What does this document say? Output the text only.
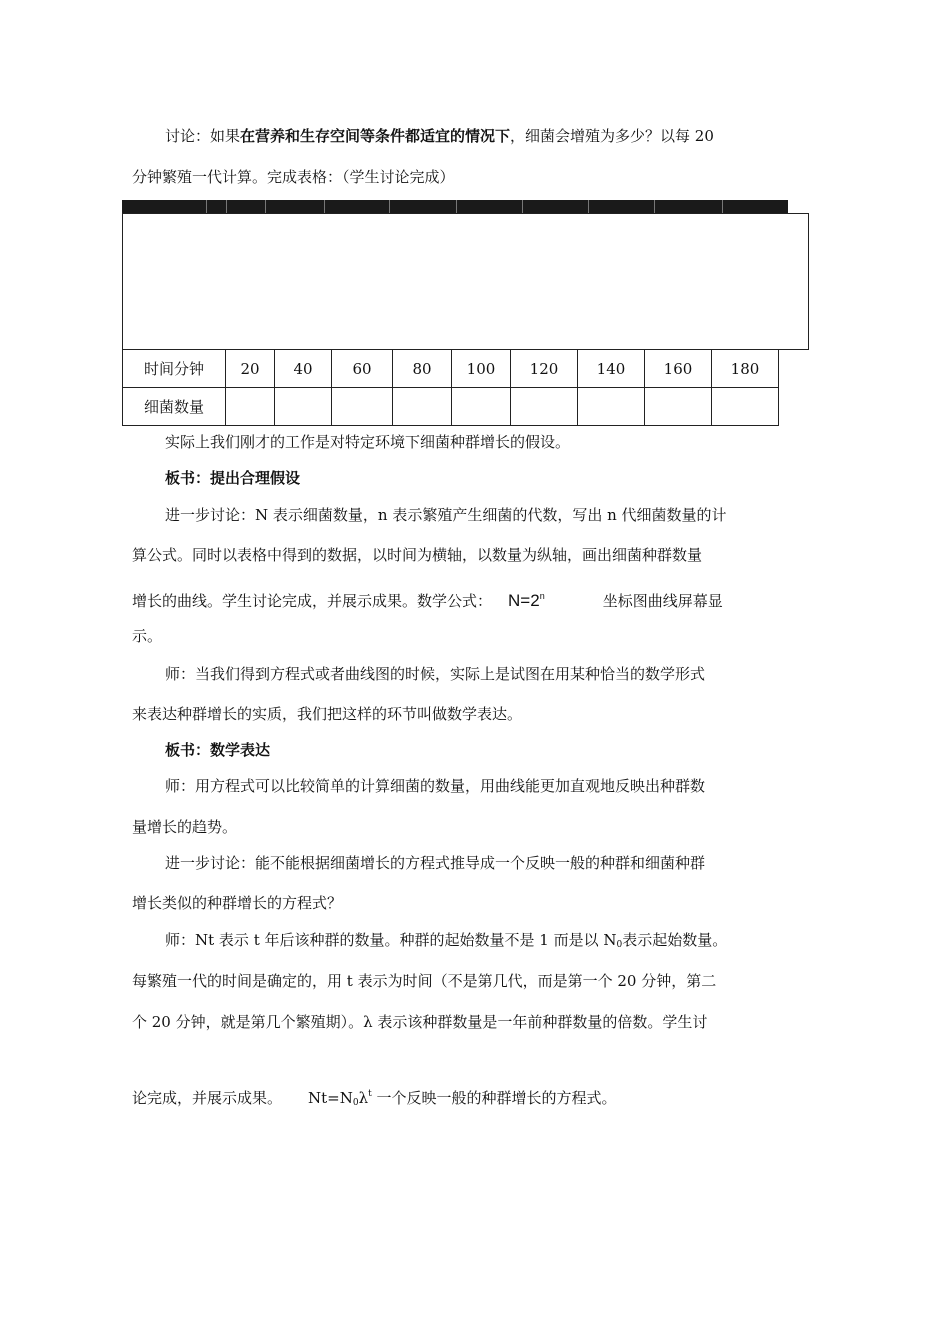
讨论：如果在营养和生存空间等条件都适宜的情况下，细菌会增殖为多少？以每 20
分钟繁殖一代计算。完成表格：（学生讨论完成）
时间分钟	20	40	60	80	100	120	140	160	180
细菌数量									
实际上我们刚才的工作是对特定环境下细菌种群增长的假设。
板书：提出合理假设
进一步讨论：N 表示细菌数量，n 表示繁殖产生细菌的代数，写出 n 代细菌数量的计
算公式。同时以表格中得到的数据，以时间为横轴，以数量为纵轴，画出细菌种群数量
增长的曲线。学生讨论完成，并展示成果。数学公式： $N=2^n$	坐标图曲线屏幕显
示。
师：当我们得到方程式或者曲线图的时候，实际上是试图在用某种恰当的数学形式
来表达种群增长的实质，我们把这样的环节叫做数学表达。
板书：数学表达
师：用方程式可以比较简单的计算细菌的数量，用曲线能更加直观地反映出种群数
量增长的趋势。
进一步讨论：能不能根据细菌增长的方程式推导成一个反映一般的种群和细菌种群
增长类似的种群增长的方程式？
师：Nt 表示 t 年后该种群的数量。种群的起始数量不是 1 而是以 $N_0$表示起始数量。
每繁殖一代的时间是确定的，用 t 表示为时间（不是第几代，而是第一个 20 分钟，第二
个 20 分钟，就是第几个繁殖期）。λ 表示该种群数量是一年前种群数量的倍数。学生讨
论完成，并展示成果。 $Nt=N_0\lambda^t$ 一个反映一般的种群增长的方程式。
